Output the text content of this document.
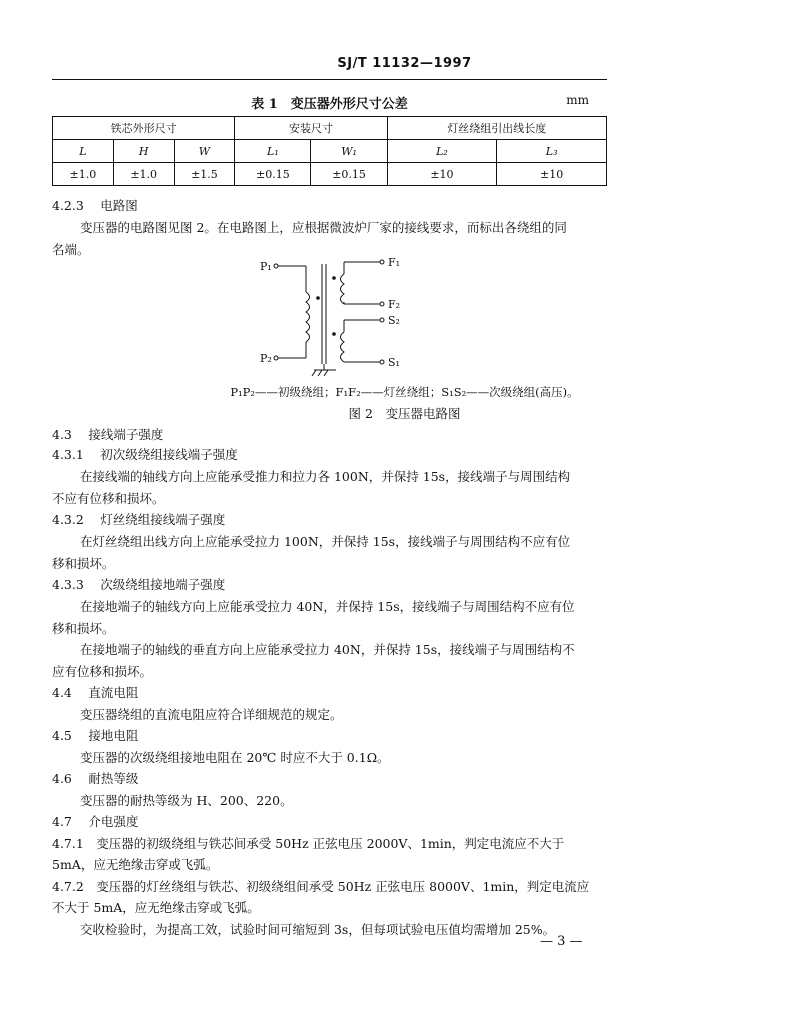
SJ/T 11132—1997
表 1　变压器外形尺寸公差	mm
铁芯外形尺寸			安装尺寸		灯丝绕组引出线长度	
L	H	W	L₁	W₁	L₂	L₃
±1.0	±1.0	±1.5	±0.15	±0.15	±10	±10
4.2.3　 电路图
变压器的电路图见图 2。在电路图上，应根据微波炉厂家的接线要求，而标出各绕组的同
名端。
P₁
P₂
F₁
F₂
S₂
S₁
P₁P₂——初级绕组；F₁F₂——灯丝绕组；S₁S₂——次级绕组(高压)。
图 2　变压器电路图
4.3　 接线端子强度
4.3.1　 初次级绕组接线端子强度
在接线端的轴线方向上应能承受推力和拉力各 100N，并保持 15s，接线端子与周围结构
不应有位移和损坏。
4.3.2　 灯丝绕组接线端子强度
在灯丝绕组出线方向上应能承受拉力 100N，并保持 15s，接线端子与周围结构不应有位
移和损坏。
4.3.3　 次级绕组接地端子强度
在接地端子的轴线方向上应能承受拉力 40N，并保持 15s，接线端子与周围结构不应有位
移和损坏。
在接地端子的轴线的垂直方向上应能承受拉力 40N，并保持 15s，接线端子与周围结构不
应有位移和损坏。
4.4　 直流电阻
变压器绕组的直流电阻应符合详细规范的规定。
4.5　 接地电阻
变压器的次级绕组接地电阻在 20℃ 时应不大于 0.1Ω。
4.6　 耐热等级
变压器的耐热等级为 H、200、220。
4.7　 介电强度
4.7.1　变压器的初级绕组与铁芯间承受 50Hz 正弦电压 2000V、1min，判定电流应不大于
5mA，应无绝缘击穿或飞弧。
4.7.2　变压器的灯丝绕组与铁芯、初级绕组间承受 50Hz 正弦电压 8000V、1min，判定电流应
不大于 5mA，应无绝缘击穿或飞弧。
交收检验时，为提高工效，试验时间可缩短到 3s，但每项试验电压值均需增加 25%。
— 3 —
